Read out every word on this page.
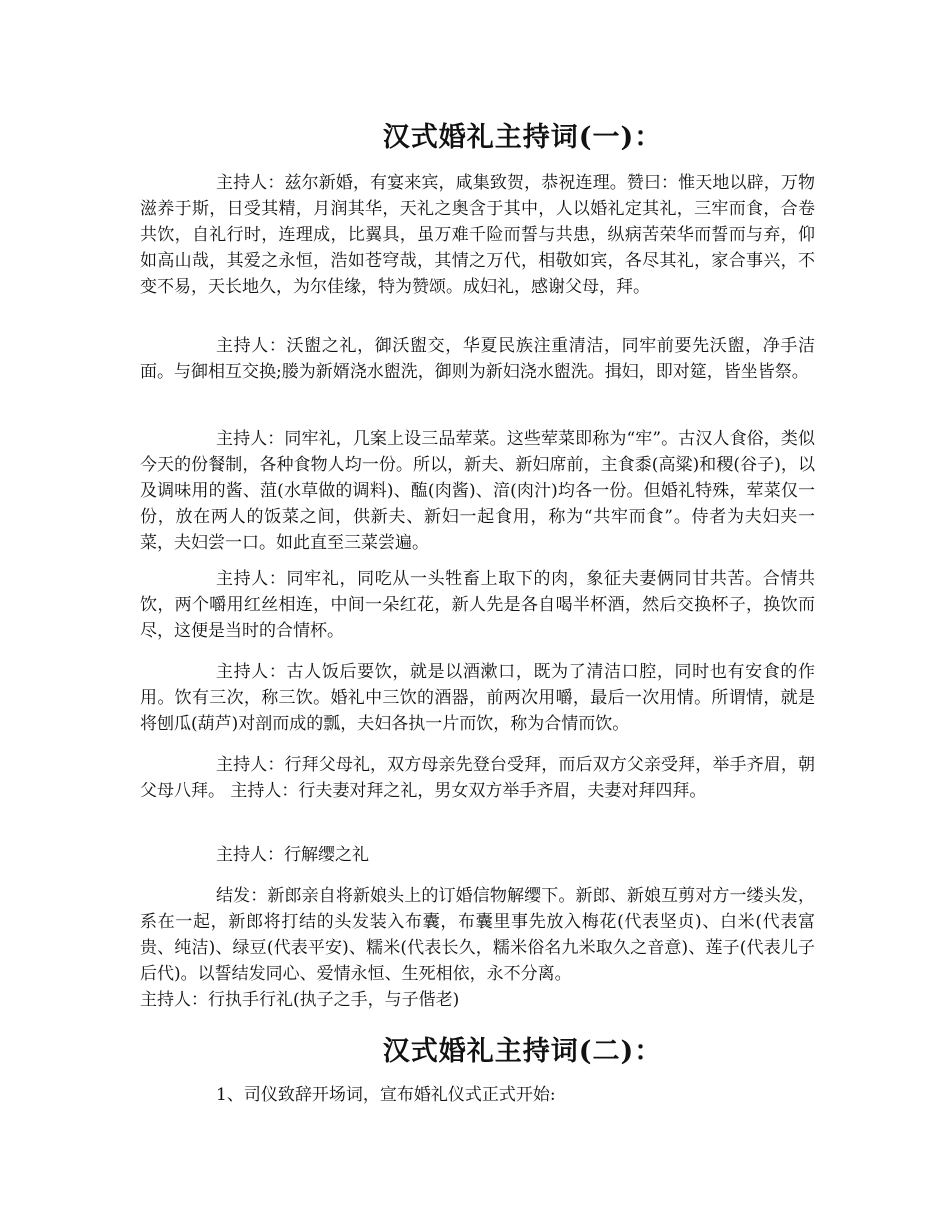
汉式婚礼主持词(一)：

主持人：兹尔新婚，有宴来宾，咸集致贺，恭祝连理。赞曰：惟天地以辟，万物滋养于斯，日受其精，月润其华，天礼之奥含于其中，人以婚礼定其礼，三牢而食，合卷共饮，自礼行时，连理成，比翼具，虽万难千险而誓与共患，纵病苦荣华而誓而与弃，仰如高山哉，其爱之永恒，浩如苍穹哉，其情之万代，相敬如宾，各尽其礼，家合事兴，不变不易，天长地久，为尔佳缘，特为赞颂。成妇礼，感谢父母，拜。

主持人：沃盥之礼，御沃盥交，华夏民族注重清洁，同牢前要先沃盥，净手洁面。与御相互交换;媵为新婿浇水盥洗，御则为新妇浇水盥洗。揖妇，即对筵，皆坐皆祭。

主持人：同牢礼，几案上设三品荤菜。这些荤菜即称为“牢”。古汉人食俗，类似今天的份餐制，各种食物人均一份。所以，新夫、新妇席前，主食黍(高粱)和稷(谷子)，以及调味用的酱、菹(水草做的调料)、醢(肉酱)、湆(肉汁)均各一份。但婚礼特殊，荤菜仅一份，放在两人的饭菜之间，供新夫、新妇一起食用，称为“共牢而食”。侍者为夫妇夹一菜，夫妇尝一口。如此直至三菜尝遍。

主持人：同牢礼，同吃从一头牲畜上取下的肉，象征夫妻俩同甘共苦。合情共饮，两个嚼用红丝相连，中间一朵红花，新人先是各自喝半杯酒，然后交换杯子，换饮而尽，这便是当时的合情杯。

主持人：古人饭后要饮，就是以酒漱口，既为了清洁口腔，同时也有安食的作用。饮有三次，称三饮。婚礼中三饮的酒器，前两次用嚼，最后一次用情。所谓情，就是将刨瓜(葫芦)对剖而成的瓢，夫妇各执一片而饮，称为合情而饮。

主持人：行拜父母礼，双方母亲先登台受拜，而后双方父亲受拜，举手齐眉，朝父母八拜。 主持人：行夫妻对拜之礼，男女双方举手齐眉，夫妻对拜四拜。

主持人：行解缨之礼

结发：新郎亲自将新娘头上的订婚信物解缨下。新郎、新娘互剪对方一缕头发，系在一起，新郎将打结的头发装入布囊，布囊里事先放入梅花(代表坚贞)、白米(代表富贵、纯洁)、绿豆(代表平安)、糯米(代表长久，糯米俗名九米取久之音意)、莲子(代表儿子后代)。以誓结发同心、爱情永恒、生死相依，永不分离。
主持人：行执手行礼(执子之手，与子偕老)

汉式婚礼主持词(二)：

1、司仪致辞开场词，宣布婚礼仪式正式开始:
